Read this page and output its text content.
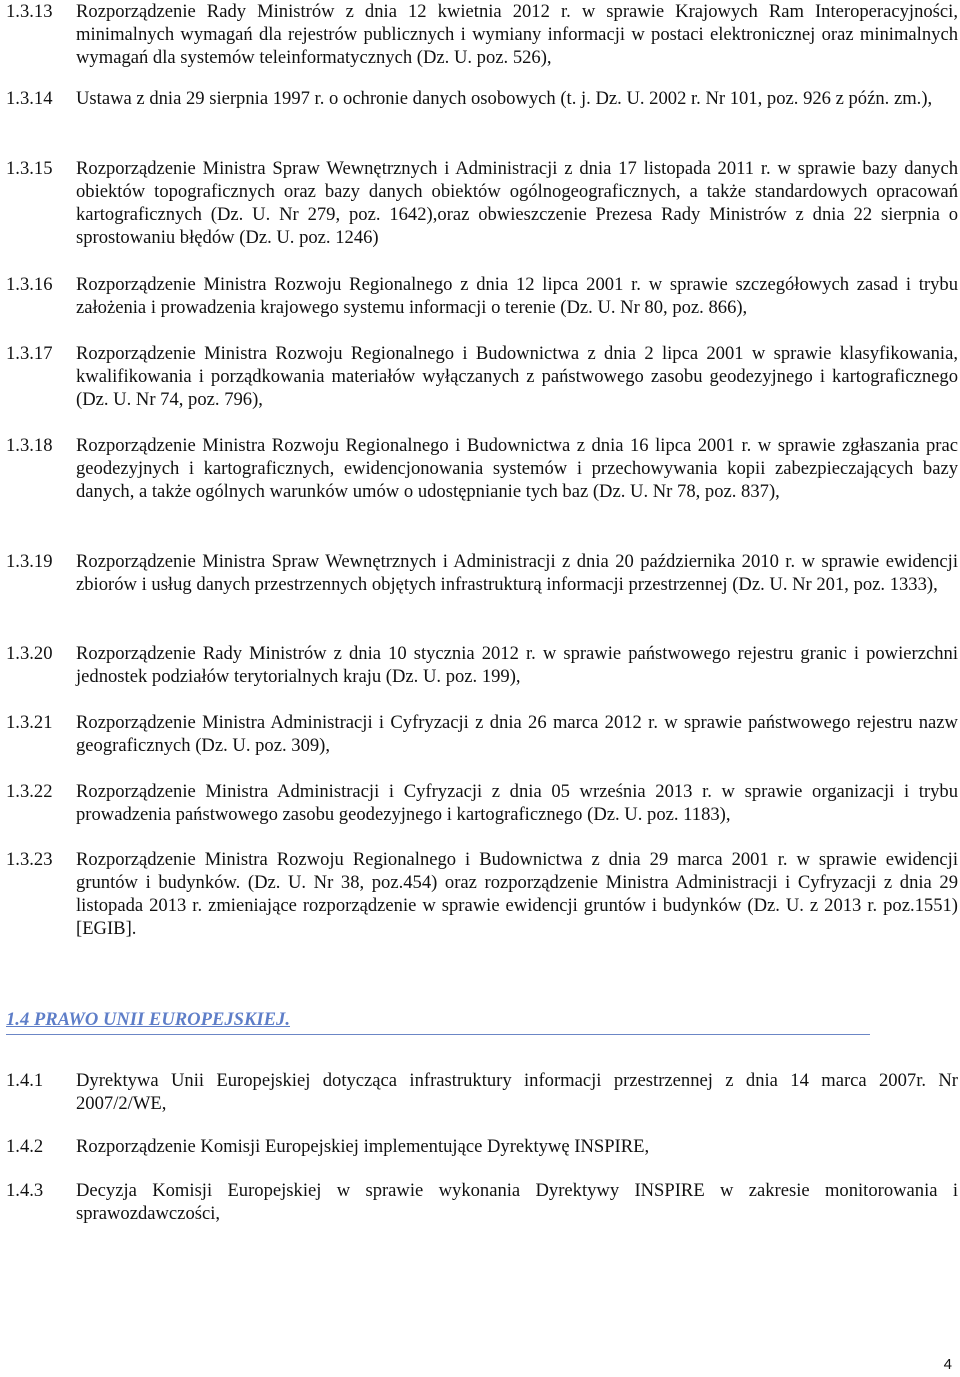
1.3.13 Rozporządzenie Rady Ministrów z dnia 12 kwietnia 2012 r. w sprawie Krajowych Ram Interoperacyjności, minimalnych wymagań dla rejestrów publicznych i wymiany informacji w postaci elektronicznej oraz minimalnych wymagań dla systemów teleinformatycznych (Dz. U. poz. 526),
1.3.14 Ustawa z dnia 29 sierpnia 1997 r. o ochronie danych osobowych (t. j. Dz. U. 2002 r. Nr 101, poz. 926 z późn. zm.),
1.3.15 Rozporządzenie Ministra Spraw Wewnętrznych i Administracji z dnia 17 listopada 2011 r. w sprawie bazy danych obiektów topograficznych oraz bazy danych obiektów ogólnogeograficznych, a także standardowych opracowań kartograficznych (Dz. U. Nr 279, poz. 1642),oraz obwieszczenie Prezesa Rady Ministrów z dnia 22 sierpnia o sprostowaniu błędów (Dz. U. poz. 1246)
1.3.16 Rozporządzenie Ministra Rozwoju Regionalnego z dnia 12 lipca 2001 r. w sprawie szczegółowych zasad i trybu założenia i prowadzenia krajowego systemu informacji o terenie (Dz. U. Nr 80, poz. 866),
1.3.17 Rozporządzenie Ministra Rozwoju Regionalnego i Budownictwa z dnia 2 lipca 2001 w sprawie klasyfikowania, kwalifikowania i porządkowania materiałów wyłączanych z państwowego zasobu geodezyjnego i kartograficznego (Dz. U. Nr 74, poz. 796),
1.3.18 Rozporządzenie Ministra Rozwoju Regionalnego i Budownictwa z dnia 16 lipca 2001 r. w sprawie zgłaszania prac geodezyjnych i kartograficznych, ewidencjonowania systemów i przechowywania kopii zabezpieczających bazy danych, a także ogólnych warunków umów o udostępnianie tych baz (Dz. U. Nr 78, poz. 837),
1.3.19 Rozporządzenie Ministra Spraw Wewnętrznych i Administracji z dnia 20 października 2010 r. w sprawie ewidencji zbiorów i usług danych przestrzennych objętych infrastrukturą informacji przestrzennej (Dz. U. Nr 201, poz. 1333),
1.3.20 Rozporządzenie Rady Ministrów z dnia 10 stycznia 2012 r. w sprawie państwowego rejestru granic i powierzchni jednostek podziałów terytorialnych kraju (Dz. U. poz. 199),
1.3.21 Rozporządzenie Ministra Administracji i Cyfryzacji z dnia 26 marca 2012 r. w sprawie państwowego rejestru nazw geograficznych (Dz. U. poz. 309),
1.3.22 Rozporządzenie Ministra Administracji i Cyfryzacji z dnia 05 września 2013 r. w sprawie organizacji i trybu prowadzenia państwowego zasobu geodezyjnego i kartograficznego (Dz. U. poz. 1183),
1.3.23 Rozporządzenie Ministra Rozwoju Regionalnego i Budownictwa z dnia 29 marca 2001 r. w sprawie ewidencji gruntów i budynków. (Dz. U. Nr 38, poz.454) oraz rozporządzenie Ministra Administracji i Cyfryzacji z dnia 29 listopada 2013 r. zmieniające rozporządzenie w sprawie ewidencji gruntów i budynków (Dz. U. z 2013 r. poz.1551) [EGIB].
1.4 PRAWO UNII EUROPEJSKIEJ.
1.4.1 Dyrektywa Unii Europejskiej dotycząca infrastruktury informacji przestrzennej z dnia 14 marca 2007r. Nr 2007/2/WE,
1.4.2 Rozporządzenie Komisji Europejskiej implementujące Dyrektywę INSPIRE,
1.4.3 Decyzja Komisji Europejskiej w sprawie wykonania Dyrektywy INSPIRE w zakresie monitorowania i sprawozdawczości,
4
